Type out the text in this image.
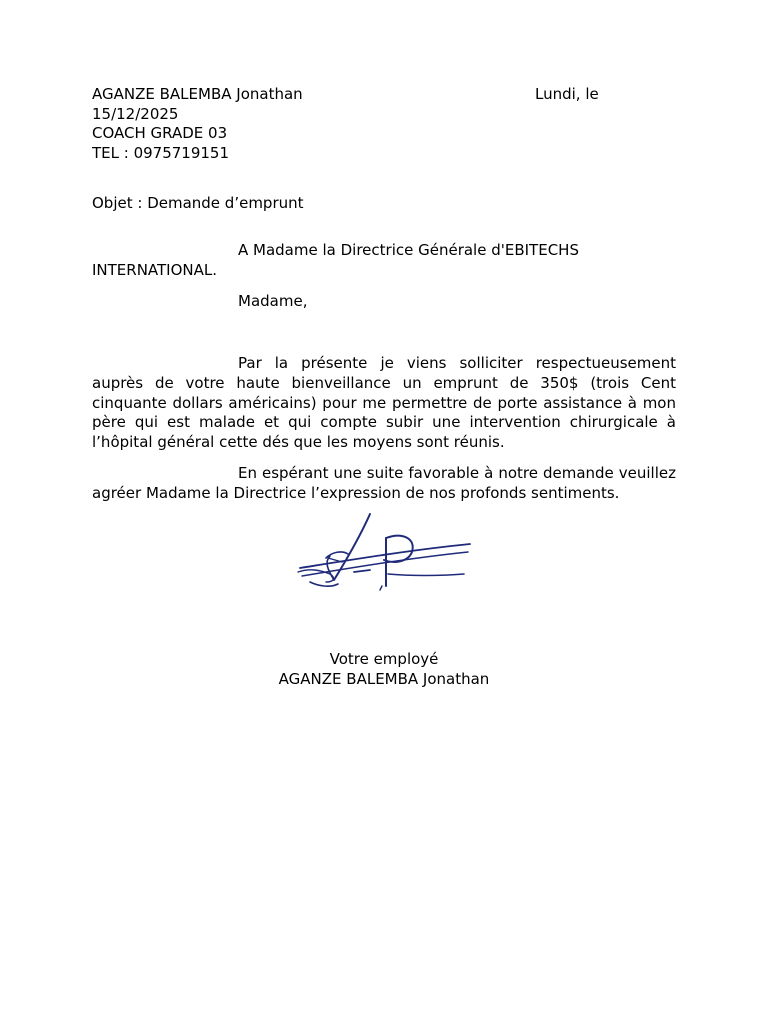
AGANZE BALEMBA Jonathan	Lundi, le
15/12/2025
COACH GRADE 03
TEL : 0975719151
Objet : Demande d’emprunt
A Madame la Directrice Générale d'EBITECHS INTERNATIONAL.
Madame,
Par la présente je viens solliciter respectueusement auprès de votre haute bienveillance un emprunt de 350$ (trois Cent cinquante dollars américains) pour me permettre de porte assistance à mon père qui est malade et qui compte subir une intervention chirurgicale à l’hôpital général cette dés que les moyens sont réunis.
En espérant une suite favorable à notre demande veuillez agréer Madame la Directrice l’expression de nos profonds sentiments.
Votre employé
AGANZE BALEMBA Jonathan
